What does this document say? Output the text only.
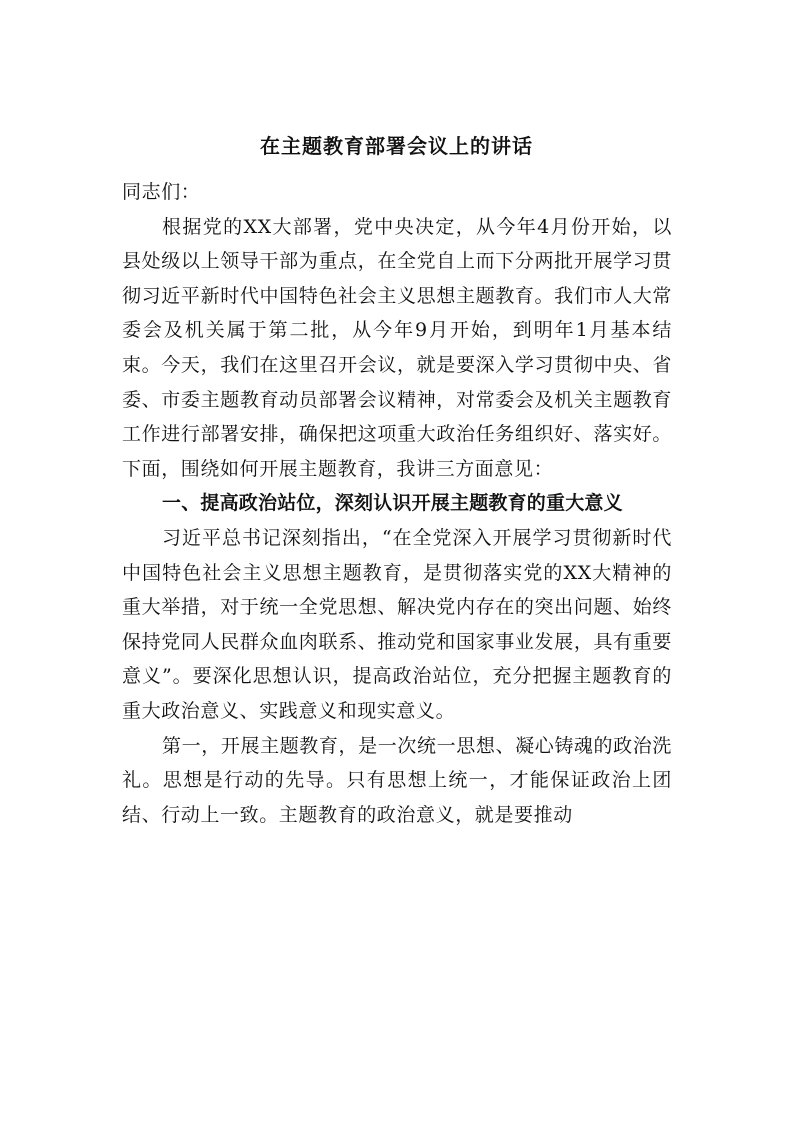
在主题教育部署会议上的讲话

同志们：

根据党的XX大部署，党中央决定，从今年4月份开始，以县处级以上领导干部为重点，在全党自上而下分两批开展学习贯彻习近平新时代中国特色社会主义思想主题教育。我们市人大常委会及机关属于第二批，从今年9月开始，到明年1月基本结束。今天，我们在这里召开会议，就是要深入学习贯彻中央、省委、市委主题教育动员部署会议精神，对常委会及机关主题教育工作进行部署安排，确保把这项重大政治任务组织好、落实好。下面，围绕如何开展主题教育，我讲三方面意见：

一、提高政治站位，深刻认识开展主题教育的重大意义

习近平总书记深刻指出，“在全党深入开展学习贯彻新时代中国特色社会主义思想主题教育，是贯彻落实党的XX大精神的重大举措，对于统一全党思想、解决党内存在的突出问题、始终保持党同人民群众血肉联系、推动党和国家事业发展，具有重要意义”。要深化思想认识，提高政治站位，充分把握主题教育的重大政治意义、实践意义和现实意义。

第一，开展主题教育，是一次统一思想、凝心铸魂的政治洗礼。思想是行动的先导。只有思想上统一，才能保证政治上团结、行动上一致。主题教育的政治意义，就是要推动
